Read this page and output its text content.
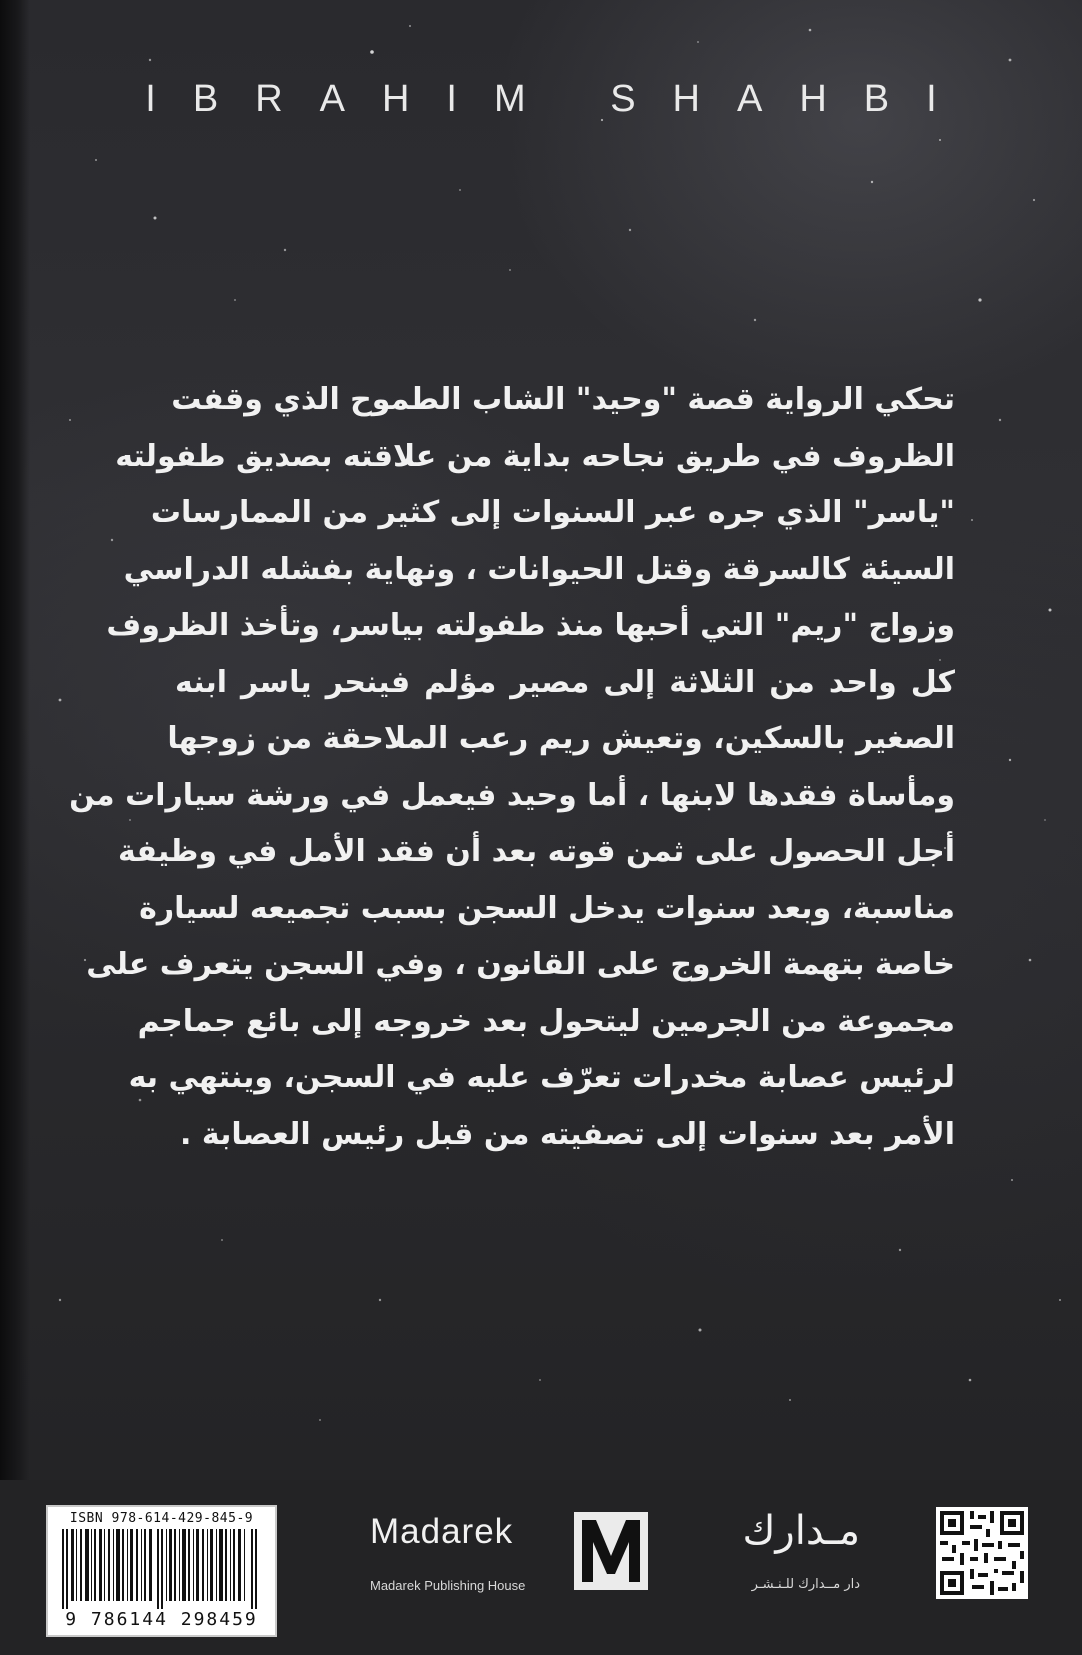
IBRAHIM SHAHBI
تحكي الرواية قصة "وحيد" الشاب الطموح الذي وقفت
الظروف في طريق نجاحه بداية من علاقته بصديق طفولته
"ياسر" الذي جره عبر السنوات إلى كثير من الممارسات
السيئة كالسرقة وقتل الحيوانات ، ونهاية بفشله الدراسي
وزواج "ريم" التي أحبها منذ طفولته بياسر، وتأخذ الظروف
كل واحد من الثلاثة إلى مصير مؤلم فينحر ياسر ابنه
الصغير بالسكين، وتعيش ريم رعب الملاحقة من زوجها
ومأساة فقدها لابنها ، أما وحيد فيعمل في ورشة سيارات من
أجل الحصول على ثمن قوته بعد أن فقد الأمل في وظيفة
مناسبة، وبعد سنوات يدخل السجن بسبب تجميعه لسيارة
خاصة بتهمة الخروج على القانون ، وفي السجن يتعرف على
مجموعة من الجرمين ليتحول بعد خروجه إلى بائع جماجم
لرئيس عصابة مخدرات تعرّف عليه في السجن، وينتهي به
الأمر بعد سنوات إلى تصفيته من قبل رئيس العصابة .
ISBN 978-614-429-845-9
9 786144 298459
Madarek
Madarek Publishing House
مـدارك
دار مــدارك للـنـشـر
